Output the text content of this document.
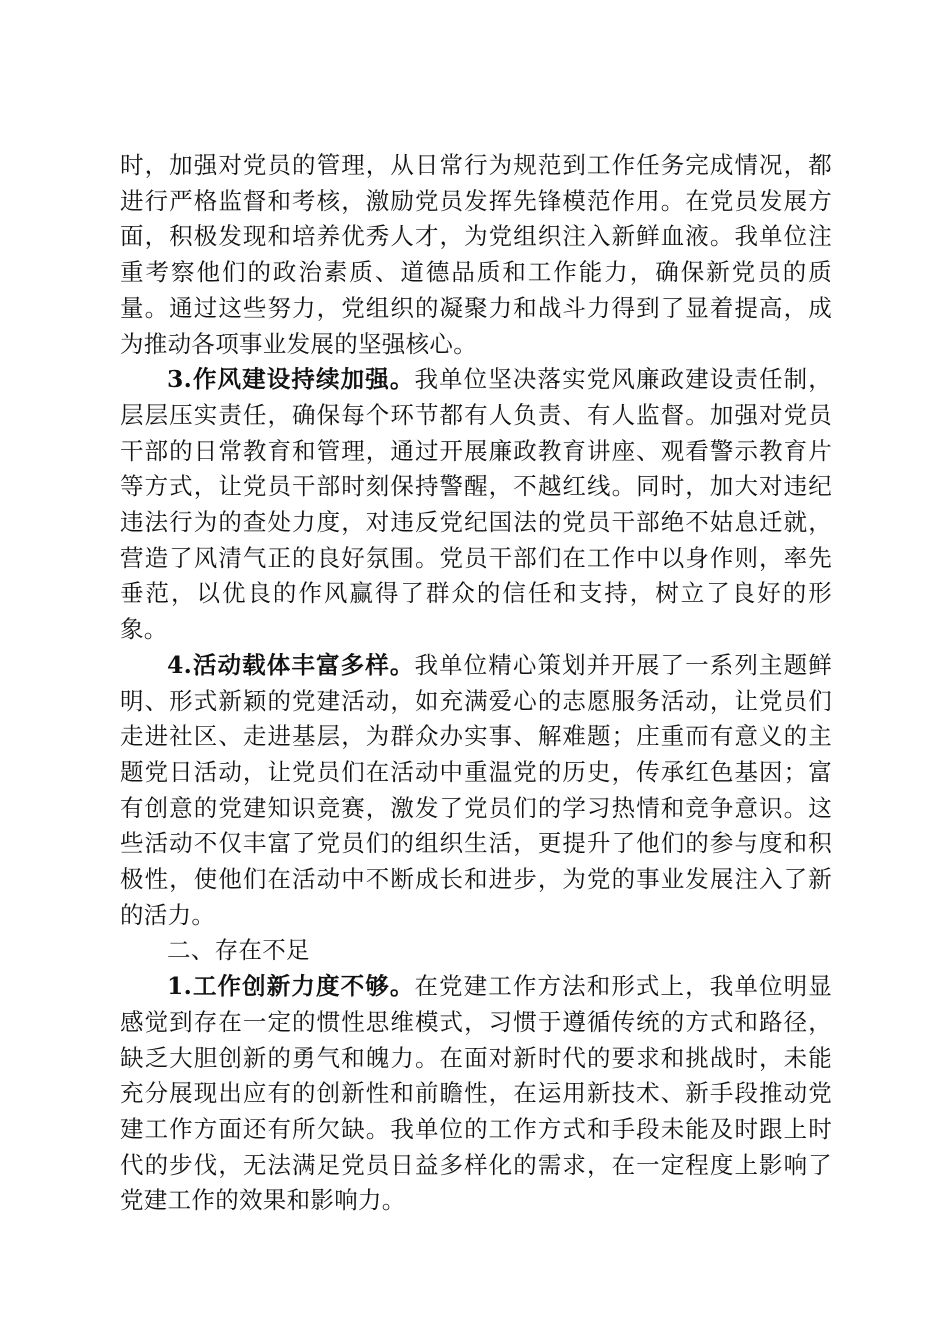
时，加强对党员的管理，从日常行为规范到工作任务完成情况，都进行严格监督和考核，激励党员发挥先锋模范作用。在党员发展方面，积极发现和培养优秀人才，为党组织注入新鲜血液。我单位注重考察他们的政治素质、道德品质和工作能力，确保新党员的质量。通过这些努力，党组织的凝聚力和战斗力得到了显着提高，成为推动各项事业发展的坚强核心。

3.作风建设持续加强。我单位坚决落实党风廉政建设责任制，层层压实责任，确保每个环节都有人负责、有人监督。加强对党员干部的日常教育和管理，通过开展廉政教育讲座、观看警示教育片等方式，让党员干部时刻保持警醒，不越红线。同时，加大对违纪违法行为的查处力度，对违反党纪国法的党员干部绝不姑息迁就，营造了风清气正的良好氛围。党员干部们在工作中以身作则，率先垂范，以优良的作风赢得了群众的信任和支持，树立了良好的形象。

4.活动载体丰富多样。我单位精心策划并开展了一系列主题鲜明、形式新颖的党建活动，如充满爱心的志愿服务活动，让党员们走进社区、走进基层，为群众办实事、解难题；庄重而有意义的主题党日活动，让党员们在活动中重温党的历史，传承红色基因；富有创意的党建知识竞赛，激发了党员们的学习热情和竞争意识。这些活动不仅丰富了党员们的组织生活，更提升了他们的参与度和积极性，使他们在活动中不断成长和进步，为党的事业发展注入了新的活力。

二、存在不足

1.工作创新力度不够。在党建工作方法和形式上，我单位明显感觉到存在一定的惯性思维模式，习惯于遵循传统的方式和路径，缺乏大胆创新的勇气和魄力。在面对新时代的要求和挑战时，未能充分展现出应有的创新性和前瞻性，在运用新技术、新手段推动党建工作方面还有所欠缺。我单位的工作方式和手段未能及时跟上时代的步伐，无法满足党员日益多样化的需求，在一定程度上影响了党建工作的效果和影响力。
